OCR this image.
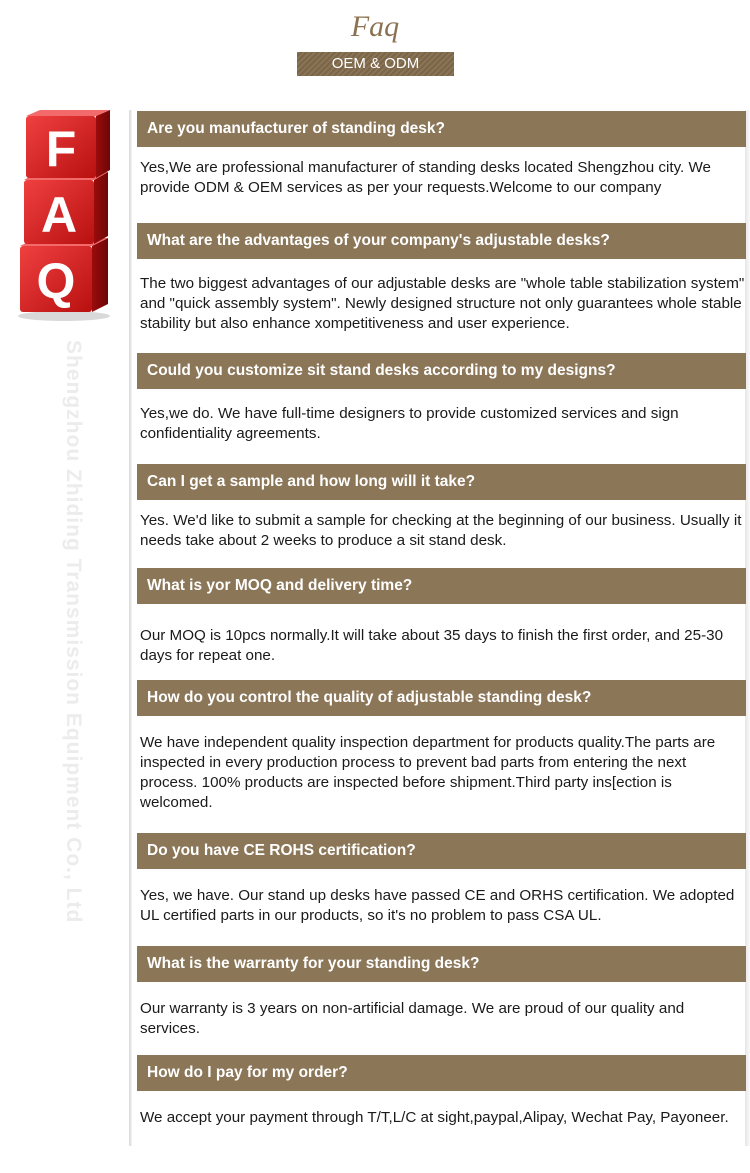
Faq
OEM & ODM
Q
A
F
Shengzhou Zhiding Transmission Equipment Co., Ltd
Are you manufacturer of standing desk?
Yes,We are professional manufacturer of standing desks located Shengzhou city. We provide ODM & OEM services as per your requests.Welcome to our company
What are the advantages of your company's adjustable desks?
The two biggest advantages of our adjustable desks are "whole table stabilization system" and "quick assembly system". Newly designed structure not only guarantees whole stable stability but also enhance xompetitiveness and user experience.
Could you customize sit stand desks according to my designs?
Yes,we do. We have full-time designers to provide customized services and sign confidentiality agreements.
Can I get a sample and how long will it take?
Yes. We'd like to submit a sample for checking at the beginning of our business. Usually it needs take about 2 weeks to produce a sit stand desk.
What is yor MOQ and delivery time?
Our MOQ is 10pcs normally.It will take about 35 days to finish the first order, and 25-30 days for repeat one.
How do you control the quality of adjustable standing desk?
We have independent quality inspection department for products quality.The parts are inspected in every production process to prevent bad parts from entering the next process. 100% products are inspected before shipment.Third party ins[ection is welcomed.
Do you have CE ROHS certification?
Yes, we have. Our stand up desks have passed CE and ORHS certification. We adopted UL certified parts in our products, so it's no problem to pass CSA UL.
What is the warranty for your standing desk?
Our warranty is 3 years on non-artificial damage. We are proud of our quality and services.
How do I pay for my order?
We accept your payment through T/T,L/C at sight,paypal,Alipay, Wechat Pay, Payoneer.
